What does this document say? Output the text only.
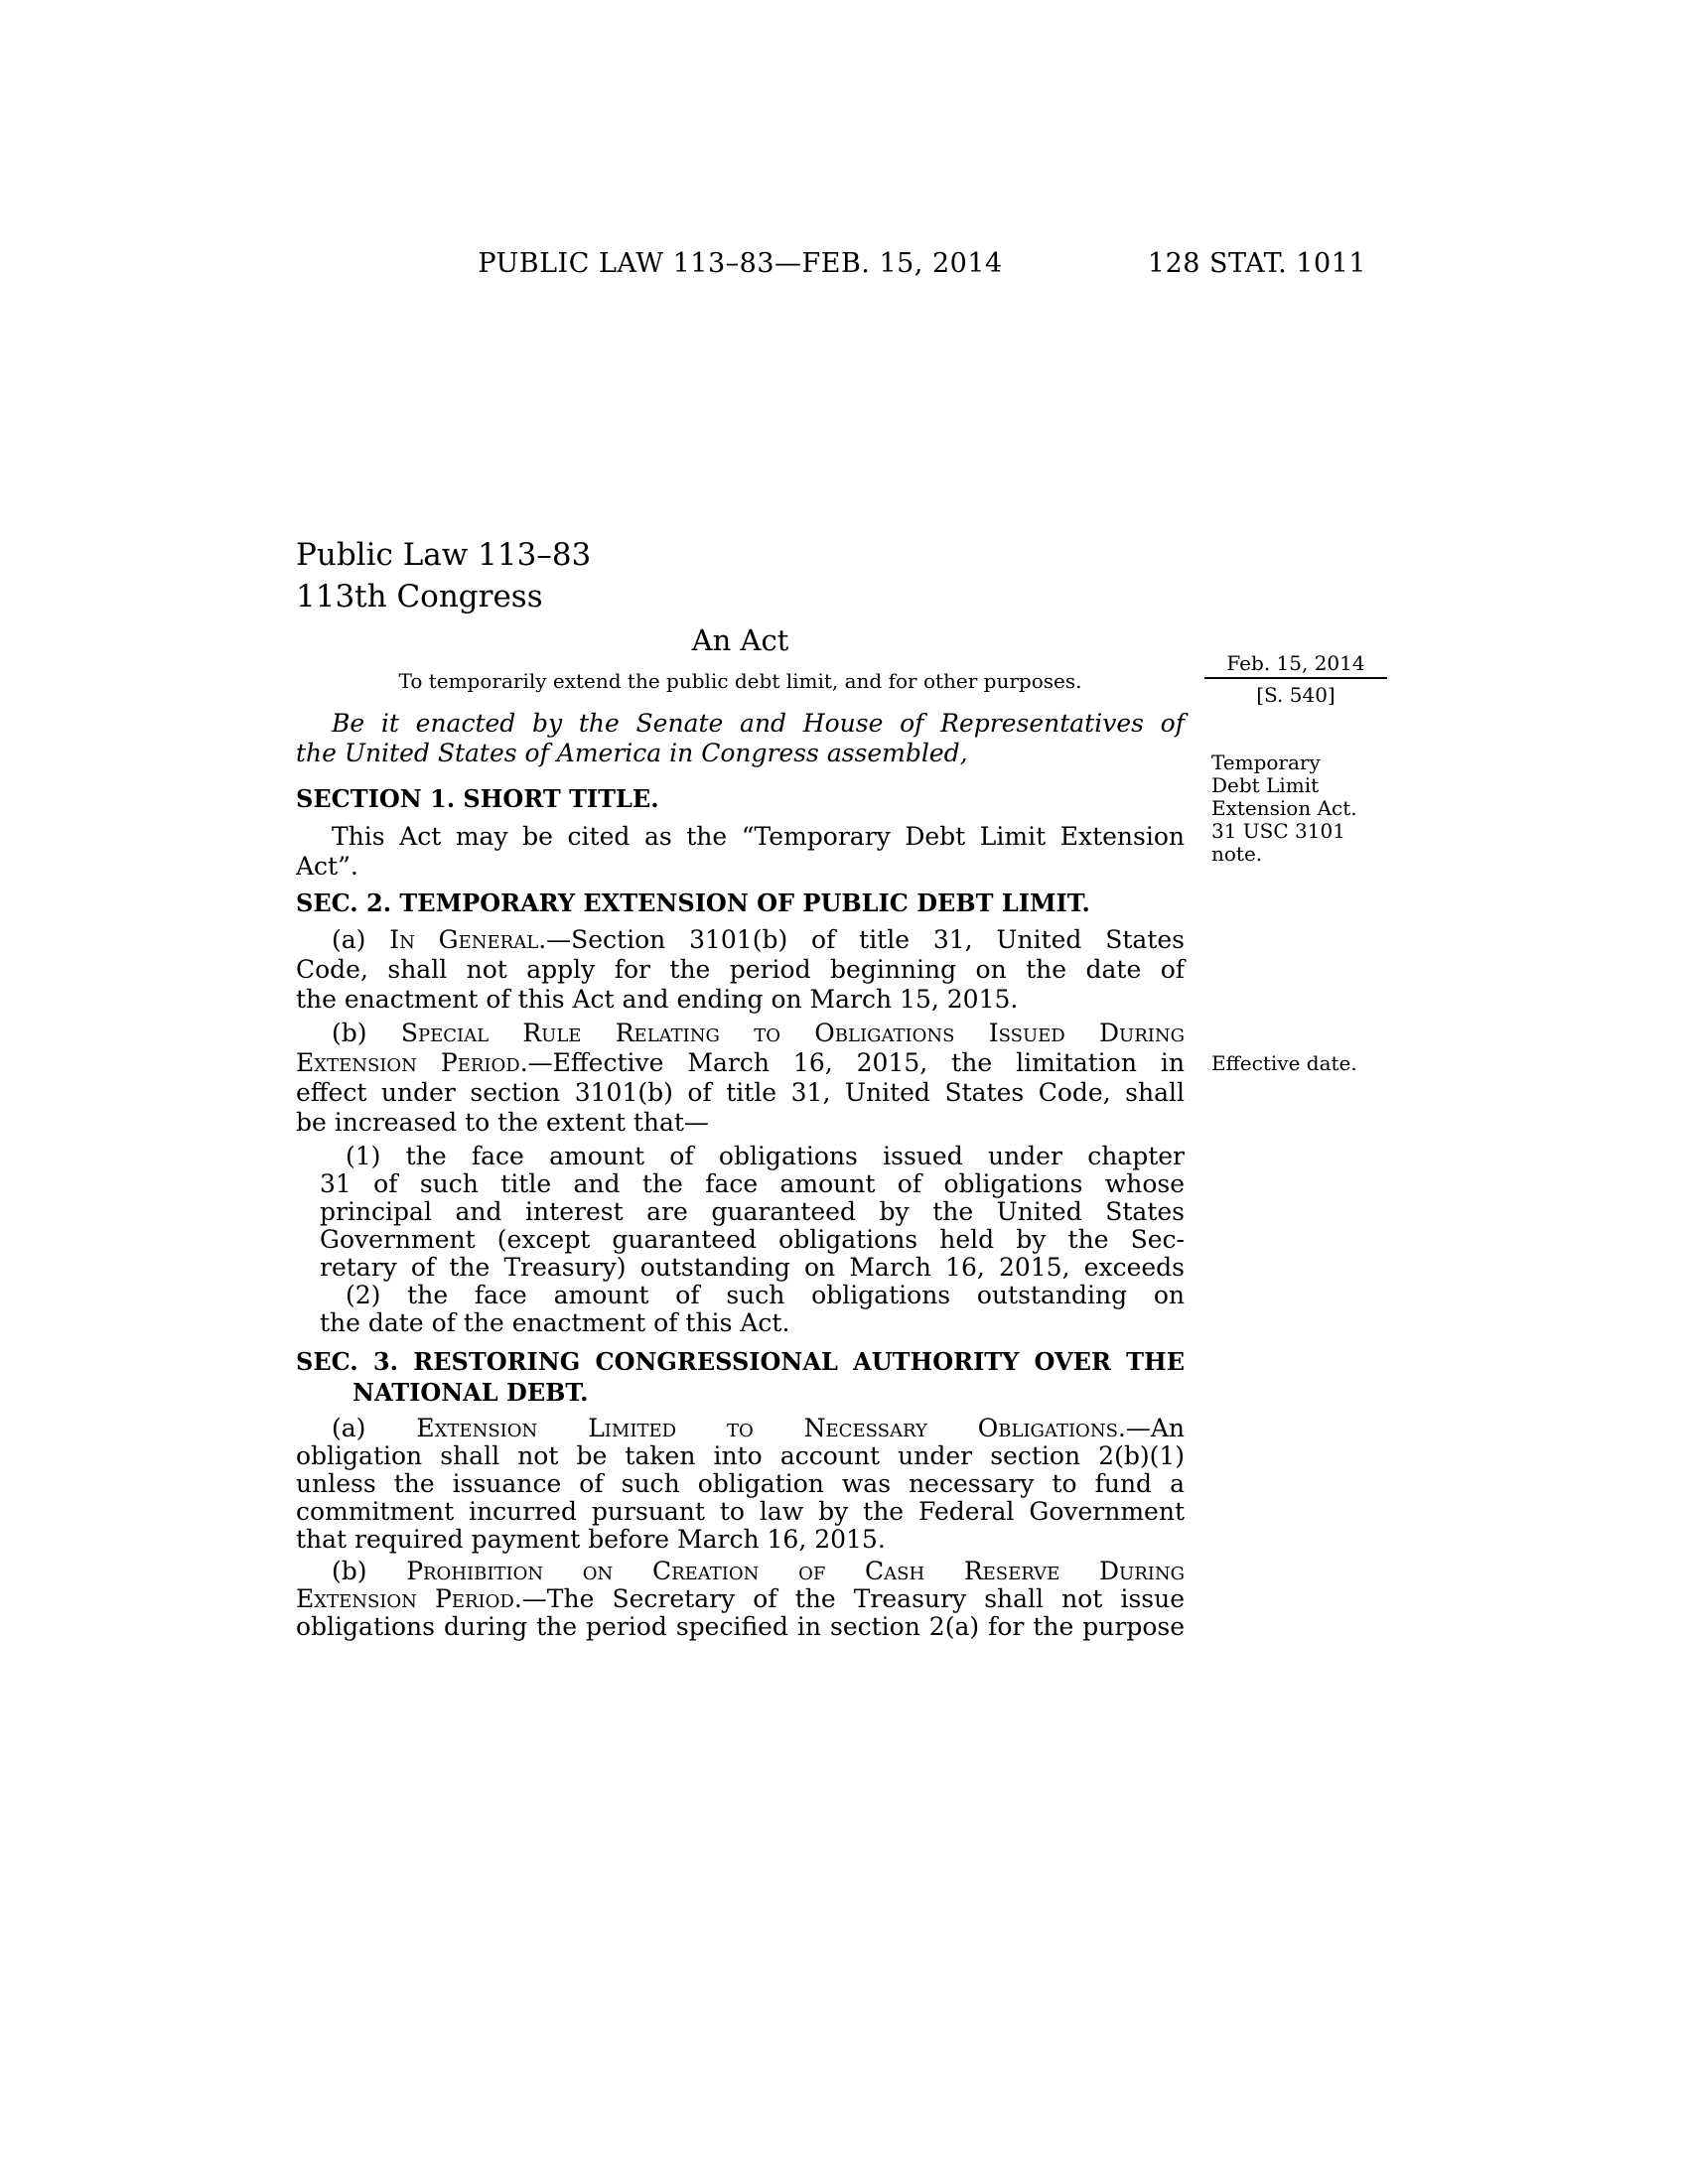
PUBLIC LAW 113–83—FEB. 15, 2014	128 STAT. 1011
Public Law 113–83
113th Congress
An Act
To temporarily extend the public debt limit, and for other purposes.
Be it enacted by the Senate and House of Representatives of
the United States of America in Congress assembled,
SECTION 1. SHORT TITLE.
This Act may be cited as the “Temporary Debt Limit Extension
Act”.
SEC. 2. TEMPORARY EXTENSION OF PUBLIC DEBT LIMIT.
(a) In General.—Section 3101(b) of title 31, United States
Code, shall not apply for the period beginning on the date of
the enactment of this Act and ending on March 15, 2015.
(b) Special Rule Relating to Obligations Issued During
Extension Period.—Effective March 16, 2015, the limitation in
effect under section 3101(b) of title 31, United States Code, shall
be increased to the extent that—
(1) the face amount of obligations issued under chapter
31 of such title and the face amount of obligations whose
principal and interest are guaranteed by the United States
Government (except guaranteed obligations held by the Sec-
retary of the Treasury) outstanding on March 16, 2015, exceeds
(2) the face amount of such obligations outstanding on
the date of the enactment of this Act.
SEC. 3. RESTORING CONGRESSIONAL AUTHORITY OVER THE
NATIONAL DEBT.
(a) Extension Limited to Necessary Obligations.—An
obligation shall not be taken into account under section 2(b)(1)
unless the issuance of such obligation was necessary to fund a
commitment incurred pursuant to law by the Federal Government
that required payment before March 16, 2015.
(b) Prohibition on Creation of Cash Reserve During
Extension Period.—The Secretary of the Treasury shall not issue
obligations during the period specified in section 2(a) for the purpose
Feb. 15, 2014
[S. 540]
Temporary
Debt Limit
Extension Act.
31 USC 3101
note.
Effective date.
